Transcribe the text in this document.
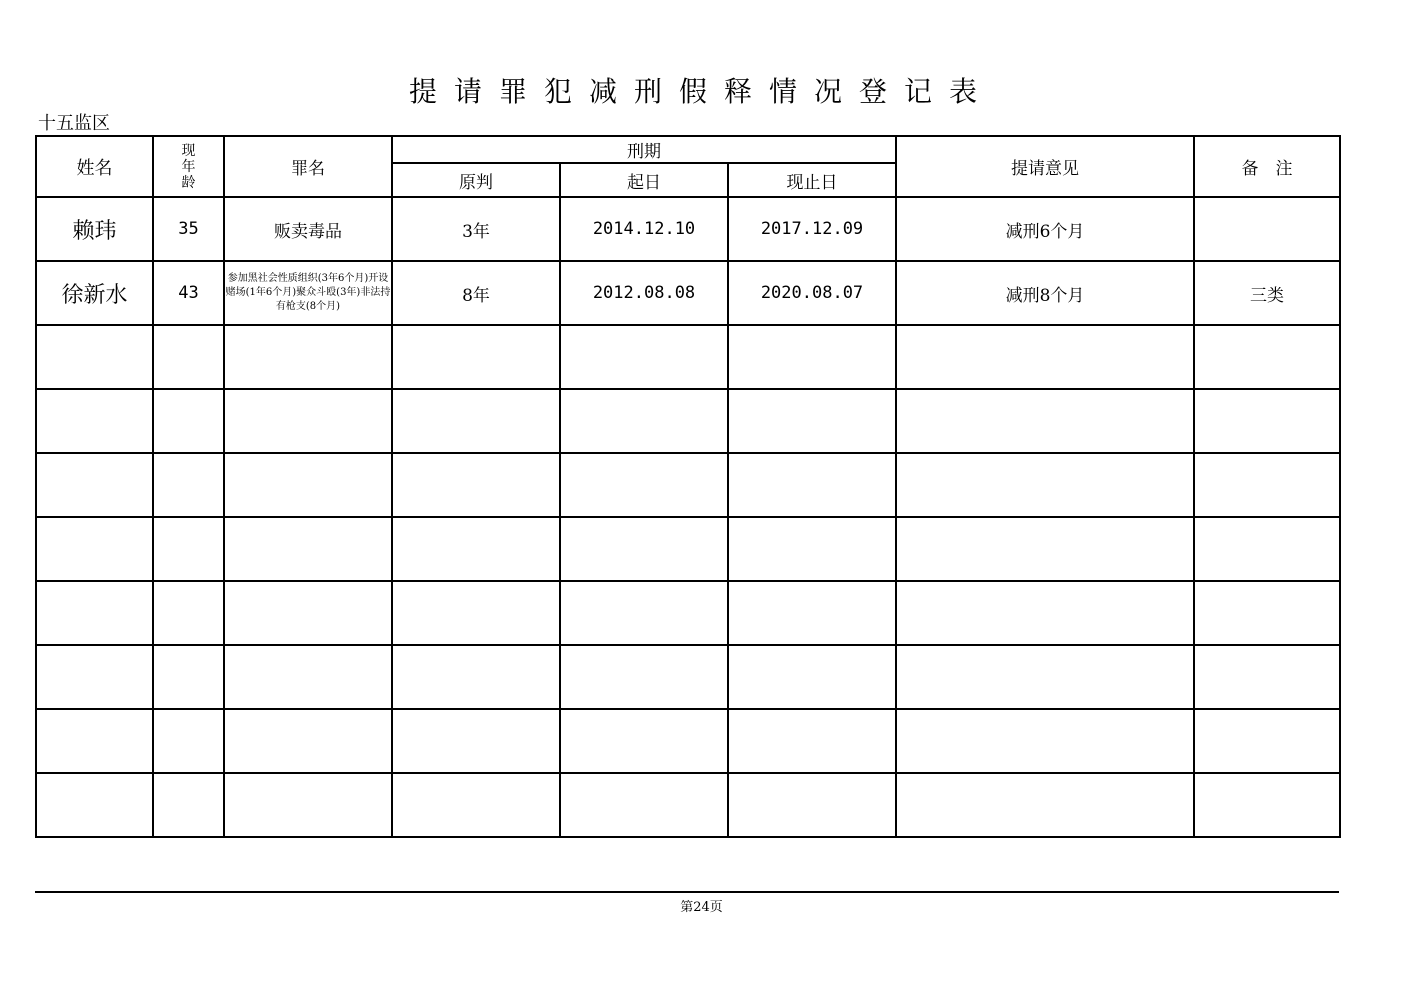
提请罪犯减刑假释情况登记表
十五监区
姓名	现年龄	罪名	刑期			提请意见	备　注
			原判	起日	现止日		
赖玮	35	贩卖毒品	3年	2014.12.10	2017.12.09	减刑6个月	
徐新水	43	参加黑社会性质组织(3年6个月)开设赌场(1年6个月)聚众斗殴(3年)非法持有枪支(8个月)	8年	2012.08.08	2020.08.07	减刑8个月	三类

第24页
